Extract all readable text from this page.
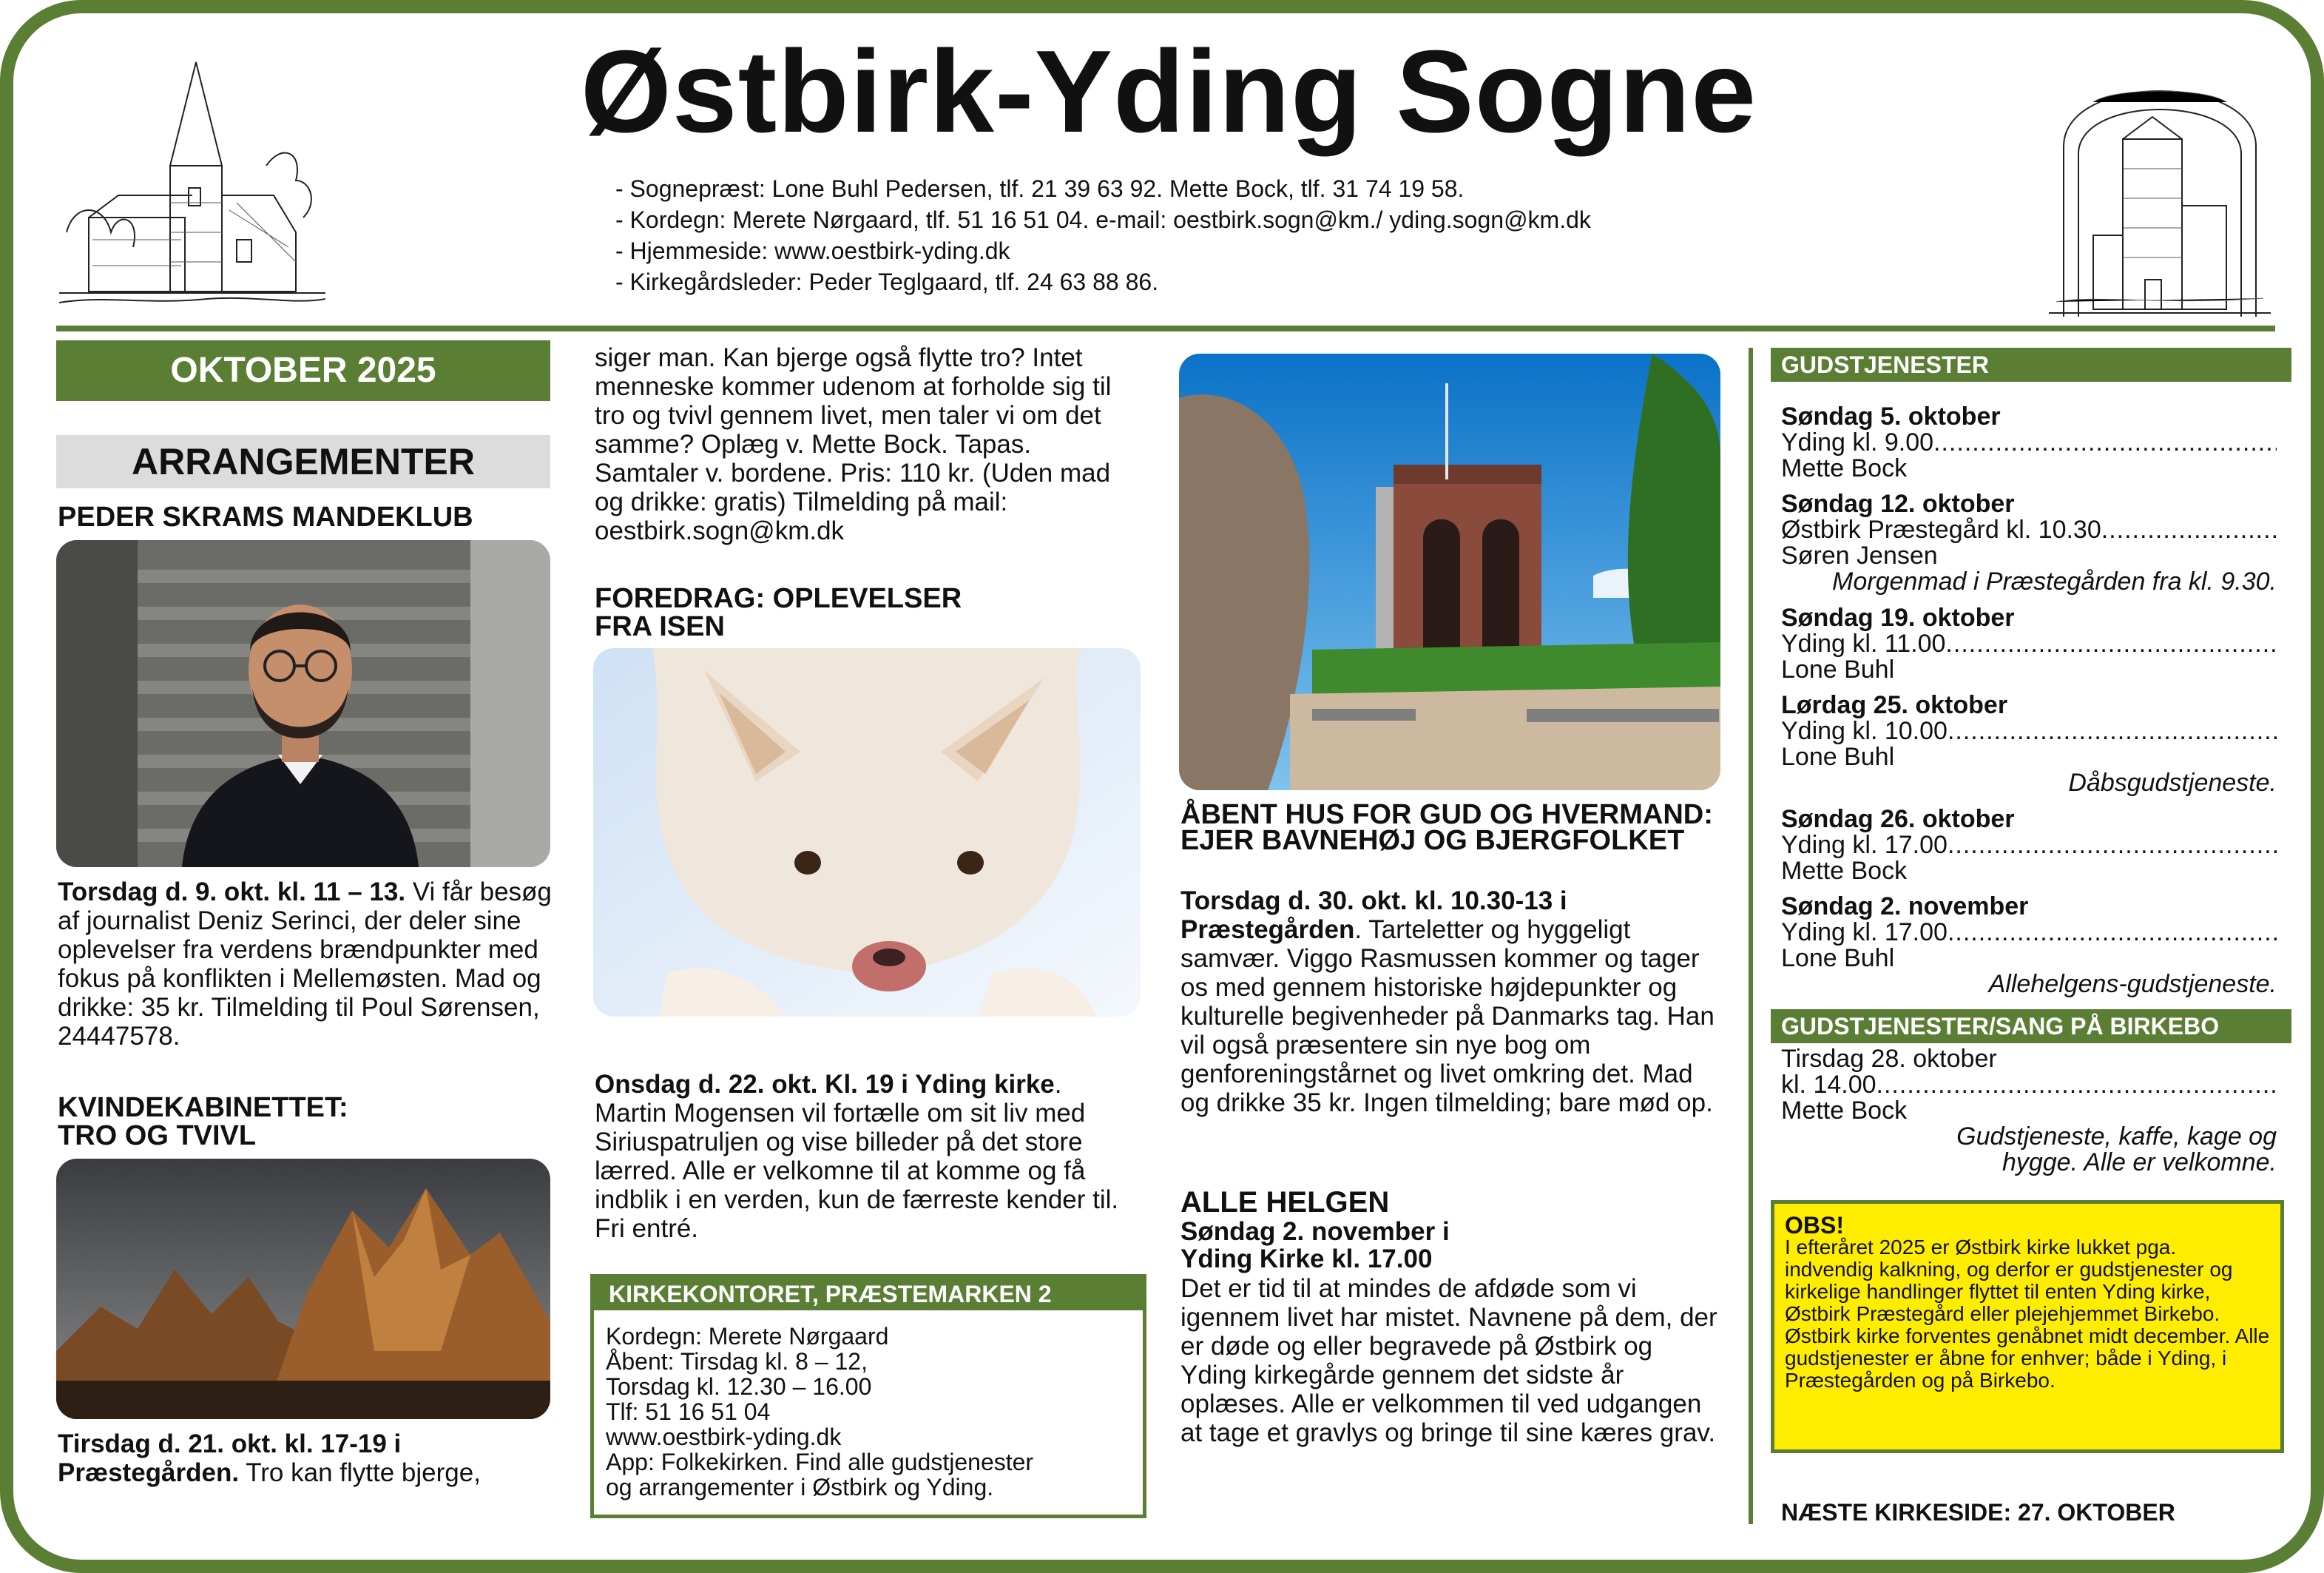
Østbirk-Yding Sogne
- Sognepræst: Lone Buhl Pedersen, tlf. 21 39 63 92. Mette Bock, tlf. 31 74 19 58.
- Kordegn: Merete Nørgaard, tlf. 51 16 51 04. e-mail: oestbirk.sogn@km./ yding.sogn@km.dk
- Hjemmeside: www.oestbirk-yding.dk
- Kirkegårdsleder: Peder Teglgaard, tlf. 24 63 88 86.
OKTOBER 2025
ARRANGEMENTER
PEDER SKRAMS MANDEKLUB
Torsdag d. 9. okt. kl. 11 – 13. Vi får besøg af journalist Deniz Serinci, der deler sine oplevelser fra verdens brændpunkter med fokus på konflikten i Mellemøsten. Mad og drikke: 35 kr. Tilmelding til Poul Sørensen, 24447578.
KVINDEKABINETTET:
TRO OG TVIVL
Tirsdag d. 21. okt. kl. 17-19 i Præstegården. Tro kan flytte bjerge,
siger man. Kan bjerge også flytte tro? Intet menneske kommer udenom at forholde sig til tro og tvivl gennem livet, men taler vi om det samme? Oplæg v. Mette Bock. Tapas. Samtaler v. bordene. Pris: 110 kr. (Uden mad og drikke: gratis) Tilmelding på mail: oestbirk.sogn@km.dk
FOREDRAG: OPLEVELSER
FRA ISEN
Onsdag d. 22. okt. Kl. 19 i Yding kirke. Martin Mogensen vil fortælle om sit liv med Siriuspatruljen og vise billeder på det store lærred. Alle er velkomne til at komme og få indblik i en verden, kun de færreste kender til. Fri entré.
KIRKEKONTORET, PRÆSTEMARKEN 2
Kordegn: Merete Nørgaard
Åbent: Tirsdag kl. 8 – 12,
Torsdag kl. 12.30 – 16.00
Tlf: 51 16 51 04
www.oestbirk-yding.dk
App: Folkekirken. Find alle gudstjenester
og arrangementer i Østbirk og Yding.
ÅBENT HUS FOR GUD OG HVERMAND: EJER BAVNEHØJ OG BJERGFOLKET
Torsdag d. 30. okt. kl. 10.30-13 i Præstegården. Tarteletter og hyggeligt samvær. Viggo Rasmussen kommer og tager os med gennem historiske højdepunkter og kulturelle begivenheder på Danmarks tag. Han vil også præsentere sin nye bog om genforeningstårnet og livet omkring det. Mad og drikke 35 kr. Ingen tilmelding; bare mød op.
ALLE HELGEN
Søndag 2. november i
Yding Kirke kl. 17.00
Det er tid til at mindes de afdøde som vi igennem livet har mistet. Navnene på dem, der er døde og eller begravede på Østbirk og Yding kirkegårde gennem det sidste år oplæses. Alle er velkommen til ved udgangen at tage et gravlys og bringe til sine kæres grav.
GUDSTJENESTER
Søndag 5. oktober
Yding kl. 9.00
.....
Mette Bock
Søndag 12. oktober
Østbirk Præstegård kl. 10.30
.....
Søren Jensen
Morgenmad i Præstegården fra kl. 9.30.
Søndag 19. oktober
Yding kl. 11.00
.....
Lone Buhl
Lørdag 25. oktober
Yding kl. 10.00
.....
Lone Buhl
Dåbsgudstjeneste.
Søndag 26. oktober
Yding kl. 17.00
.....
Mette Bock
Søndag 2. november
Yding kl. 17.00
.....
Lone Buhl
Allehelgens-gudstjeneste.
GUDSTJENESTER/SANG PÅ BIRKEBO
Tirsdag 28. oktober
kl. 14.00
.....
Mette Bock
Gudstjeneste, kaffe, kage og
hygge. Alle er velkomne.
OBS!
I efteråret 2025 er Østbirk kirke lukket pga. indvendig kalkning, og derfor er gudstjenester og kirkelige handlinger flyttet til enten Yding kirke, Østbirk Præstegård eller plejehjemmet Birkebo. Østbirk kirke forventes genåbnet midt december. Alle gudstjenester er åbne for enhver; både i Yding, i Præstegården og på Birkebo.
NÆSTE KIRKESIDE: 27. OKTOBER
